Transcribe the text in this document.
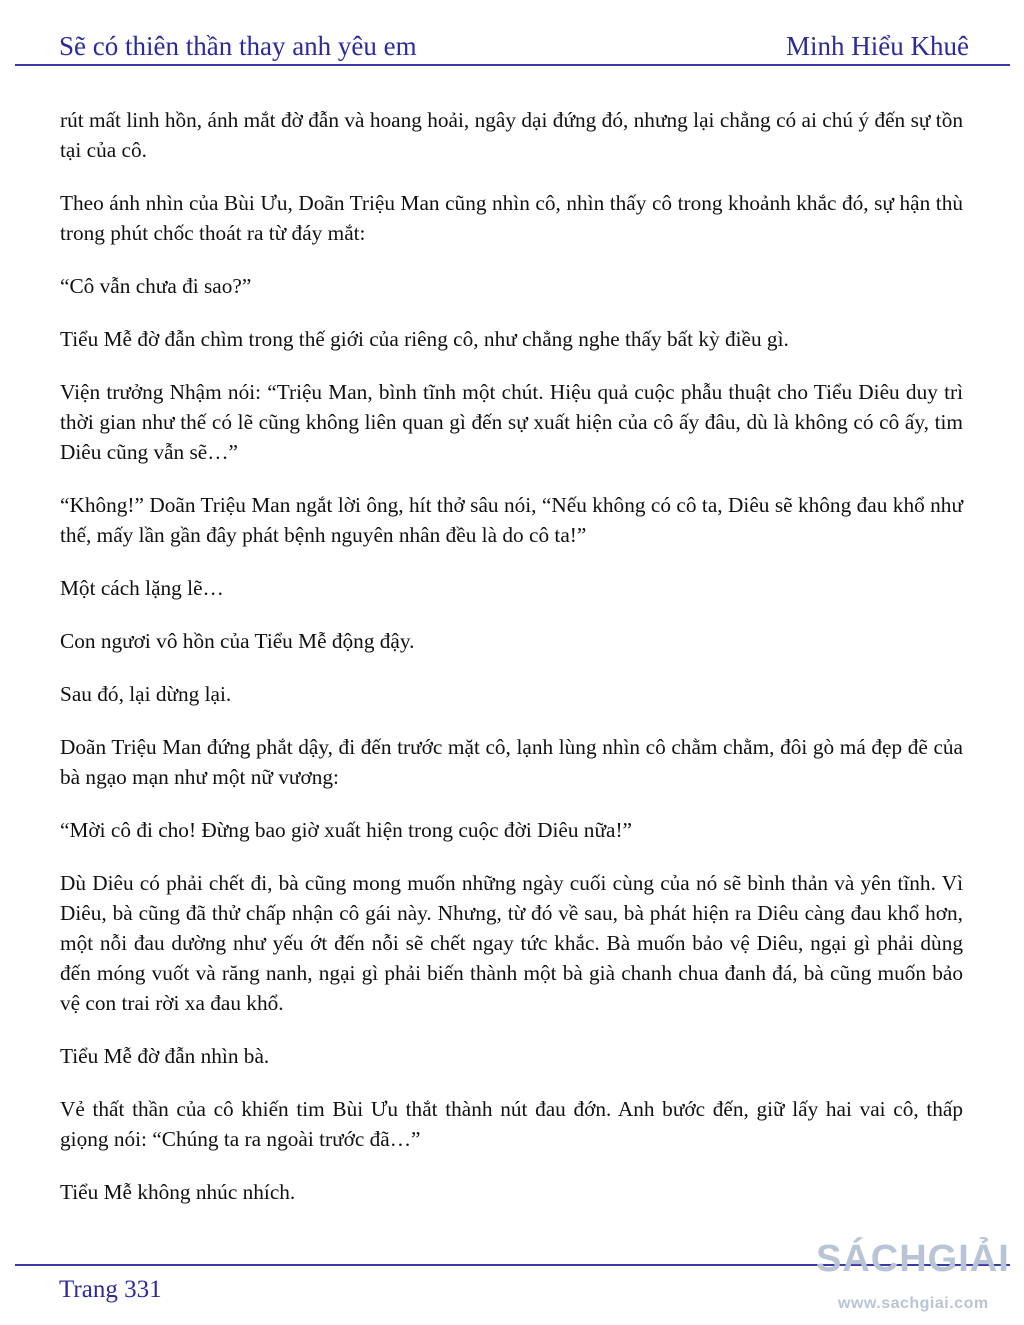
Sẽ có thiên thần thay anh yêu em	Minh Hiểu Khuê

rút mất linh hồn, ánh mắt đờ đẫn và hoang hoải, ngây dại đứng đó, nhưng lại chẳng có ai chú ý đến sự tồn tại của cô.

Theo ánh nhìn của Bùi Ưu, Doãn Triệu Man cũng nhìn cô, nhìn thấy cô trong khoảnh khắc đó, sự hận thù trong phút chốc thoát ra từ đáy mắt:

“Cô vẫn chưa đi sao?”

Tiểu Mễ đờ đẫn chìm trong thế giới của riêng cô, như chẳng nghe thấy bất kỳ điều gì.

Viện trưởng Nhậm nói: “Triệu Man, bình tĩnh một chút. Hiệu quả cuộc phẫu thuật cho Tiểu Diêu duy trì thời gian như thế có lẽ cũng không liên quan gì đến sự xuất hiện của cô ấy đâu, dù là không có cô ấy, tim Diêu cũng vẫn sẽ…”

“Không!” Doãn Triệu Man ngắt lời ông, hít thở sâu nói, “Nếu không có cô ta, Diêu sẽ không đau khổ như thế, mấy lần gần đây phát bệnh nguyên nhân đều là do cô ta!”

Một cách lặng lẽ…

Con ngươi vô hồn của Tiểu Mễ động đậy.

Sau đó, lại dừng lại.

Doãn Triệu Man đứng phắt dậy, đi đến trước mặt cô, lạnh lùng nhìn cô chằm chằm, đôi gò má đẹp đẽ của bà ngạo mạn như một nữ vương:

“Mời cô đi cho! Đừng bao giờ xuất hiện trong cuộc đời Diêu nữa!”

Dù Diêu có phải chết đi, bà cũng mong muốn những ngày cuối cùng của nó sẽ bình thản và yên tĩnh. Vì Diêu, bà cũng đã thử chấp nhận cô gái này. Nhưng, từ đó về sau, bà phát hiện ra Diêu càng đau khổ hơn, một nỗi đau dường như yếu ớt đến nỗi sẽ chết ngay tức khắc. Bà muốn bảo vệ Diêu, ngại gì phải dùng đến móng vuốt và răng nanh, ngại gì phải biến thành một bà già chanh chua đanh đá, bà cũng muốn bảo vệ con trai rời xa đau khổ.

Tiểu Mễ đờ đẫn nhìn bà.

Vẻ thất thần của cô khiến tim Bùi Ưu thắt thành nút đau đớn. Anh bước đến, giữ lấy hai vai cô, thấp giọng nói: “Chúng ta ra ngoài trước đã…”

Tiểu Mễ không nhúc nhích.

Trang 331
SÁCHGIẢI
www.sachgiai.com
